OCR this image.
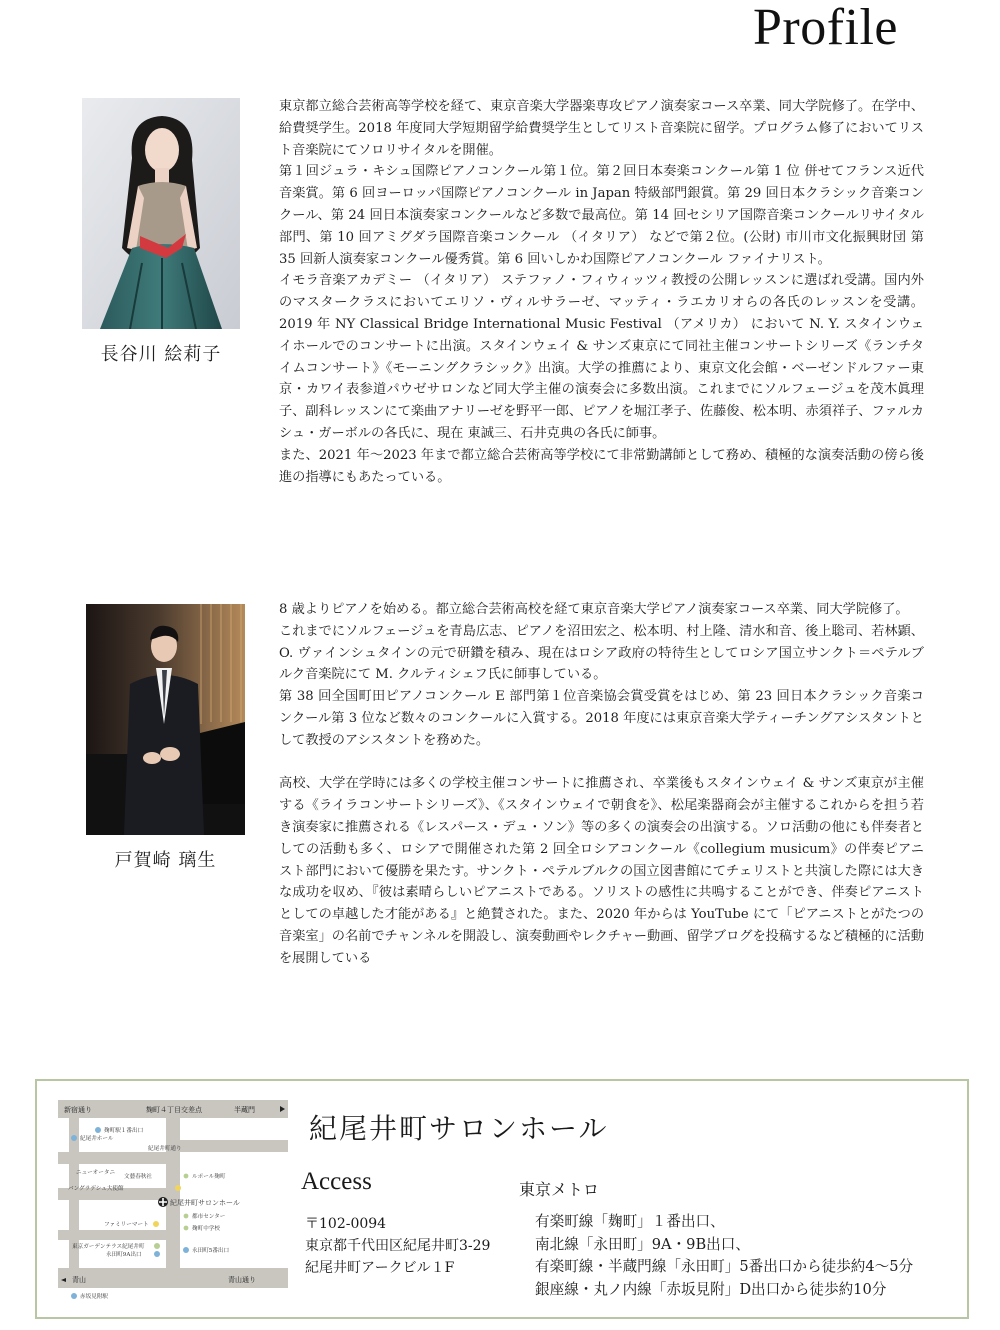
Profile
長谷川 絵莉子

東京都立総合芸術高等学校を経て、東京音楽大学器楽専攻ピアノ演奏家コース卒業、同大学院修了。在学中、給費奨学生。2018 年度同大学短期留学給費奨学生としてリスト音楽院に留学。プログラム修了においてリスト音楽院にてソロリサイタルを開催。

第１回ジュラ・キシュ国際ピアノコンクール第１位。第２回日本奏楽コンクール第 1 位 併せてフランス近代音楽賞。第 6 回ヨーロッパ国際ピアノコンクール in Japan 特級部門銀賞。第 29 回日本クラシック音楽コンクール、第 24 回日本演奏家コンクールなど多数で最高位。第 14 回セシリア国際音楽コンクールリサイタル部門、第 10 回アミグダラ国際音楽コンクール （イタリア） などで第２位。(公財) 市川市文化振興財団 第 35 回新人演奏家コンクール優秀賞。第 6 回いしかわ国際ピアノコンクール ファイナリスト。

イモラ音楽アカデミー （イタリア） ステファノ・フィウィッツィ教授の公開レッスンに選ばれ受講。国内外のマスタークラスにおいてエリソ・ヴィルサラーゼ、マッティ・ラエカリオらの各氏のレッスンを受講。2019 年 NY Classical Bridge International Music Festival （アメリカ） において N. Y. スタインウェイホールでのコンサートに出演。スタインウェイ & サンズ東京にて同社主催コンサートシリーズ《ランチタイムコンサート》《モーニングクラシック》出演。大学の推薦により、東京文化会館・ベーゼンドルファー東京・カワイ表参道パウゼサロンなど同大学主催の演奏会に多数出演。これまでにソルフェージュを茂木眞理子、副科レッスンにて楽曲アナリーゼを野平一郎、ピアノを堀江孝子、佐藤俊、松本明、赤須祥子、ファルカシュ・ガーボルの各氏に、現在 東誠三、石井克典の各氏に師事。

また、2021 年～2023 年まで都立総合芸術高等学校にて非常勤講師として務め、積極的な演奏活動の傍ら後進の指導にもあたっている。

戸賀崎 璃生

8 歳よりピアノを始める。都立総合芸術高校を経て東京音楽大学ピアノ演奏家コース卒業、同大学院修了。

これまでにソルフェージュを青島広志、ピアノを沼田宏之、松本明、村上隆、清水和音、後上聡司、若林顕、O. ヴァインシュタインの元で研鑽を積み、現在はロシア政府の特待生としてロシア国立サンクト＝ペテルブルク音楽院にて M. クルティシェフ氏に師事している。

第 38 回全国町田ピアノコンクール E 部門第１位音楽協会賞受賞をはじめ、第 23 回日本クラシック音楽コンクール第 3 位など数々のコンクールに入賞する。2018 年度には東京音楽大学ティーチングアシスタントとして教授のアシスタントを務めた。

高校、大学在学時には多くの学校主催コンサートに推薦され、卒業後もスタインウェイ & サンズ東京が主催する《ライラコンサートシリーズ》、《スタインウェイで朝食を》、松尾楽器商会が主催するこれからを担う若き演奏家に推薦される《レスパース・デュ・ソン》等の多くの演奏会の出演する。ソロ活動の他にも伴奏者としての活動も多く、ロシアで開催された第 2 回全ロシアコンクール《collegium musicum》の伴奏ピアニスト部門において優勝を果たす。サンクト・ペテルブルクの国立図書館にてチェリストと共演した際には大きな成功を収め、『彼は素晴らしいピアニストである。ソリストの感性に共鳴することができ、伴奏ピアニストとしての卓越した才能がある』と絶賛された。また、2020 年からは YouTube にて「ピアニストとがたつの音楽室」の名前でチャンネルを開設し、演奏動画やレクチャー動画、留学ブログを投稿するなど積極的に活動を展開している

新宿通り	麹町４丁目交差点	半蔵門
青山	青山通り
麹町駅１番出口
紀尾井ホール
紀尾井町通り
ニューオータニ
文藝春秋社
バングラデシュ大使館
ルポール麹町
紀尾井町サロンホール
都市センター
麹町中学校
ファミリーマート
東京ガーデンテラス紀尾井町
永田町9A出口
永田町5番出口
赤坂見附駅
紀尾井町サロンホール
Access
〒102-0094
東京都千代田区紀尾井町3-29
紀尾井町アークビル１F
東京メトロ
有楽町線「麹町」１番出口、
南北線「永田町」9A・9B出口、
有楽町線・半蔵門線「永田町」5番出口から徒歩約4～5分
銀座線・丸ノ内線「赤坂見附」D出口から徒歩約10分
